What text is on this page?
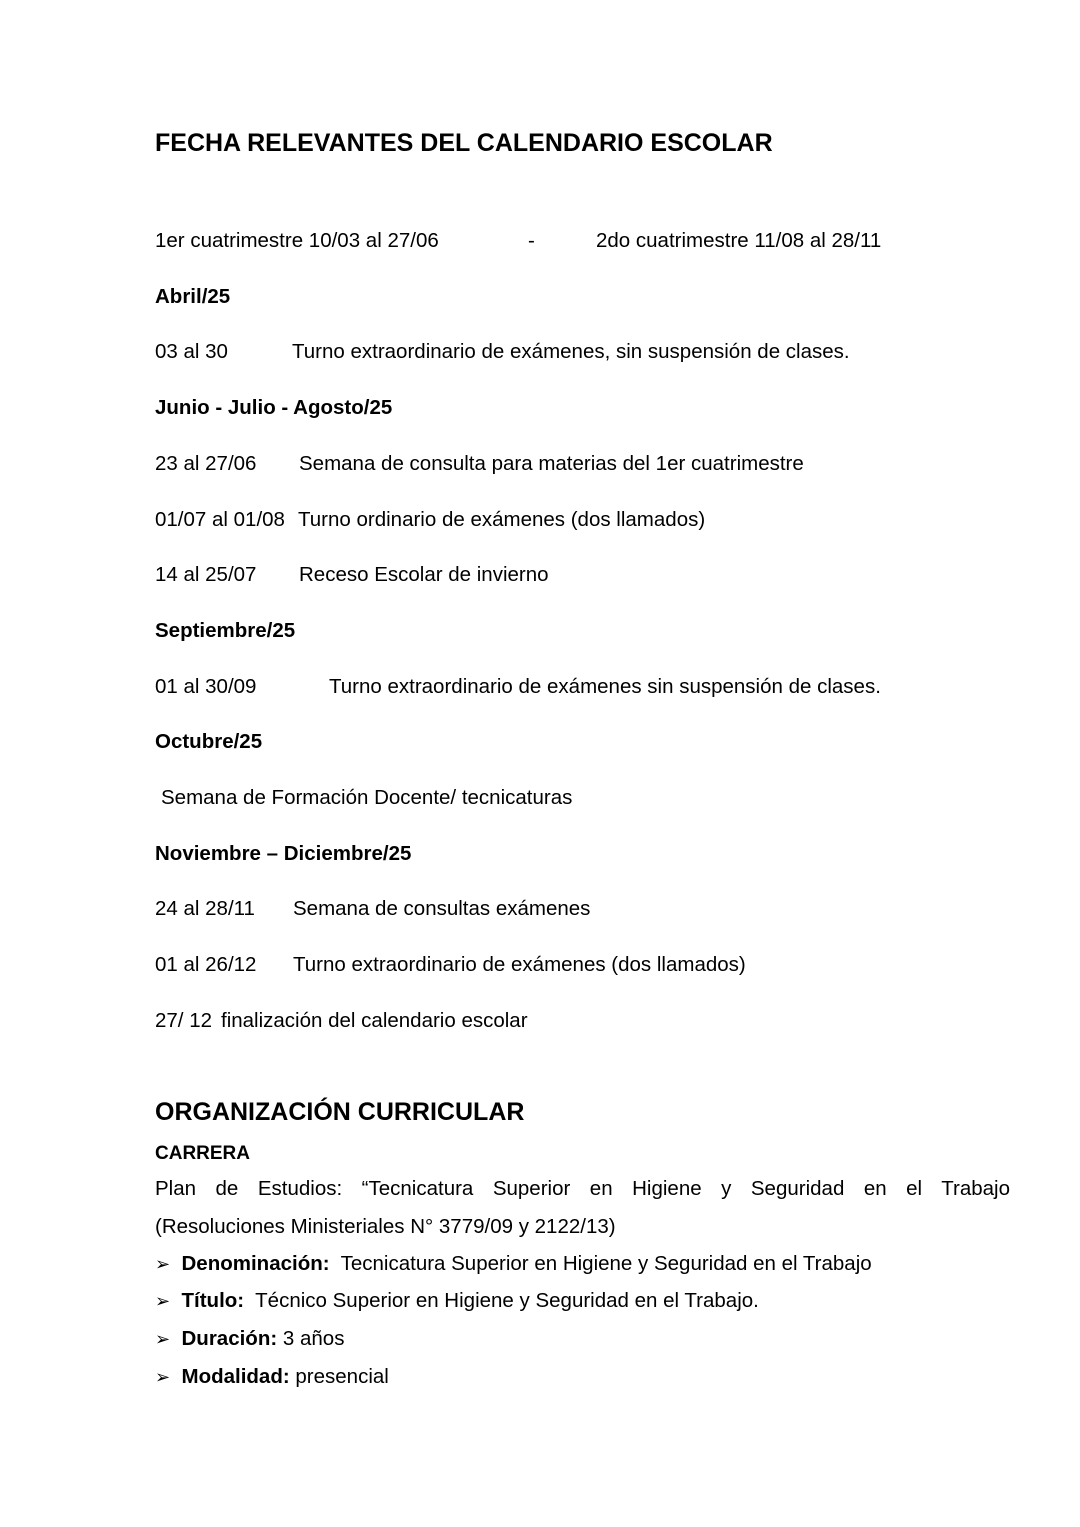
FECHA RELEVANTES DEL CALENDARIO ESCOLAR
1er cuatrimestre 10/03 al 27/06	-	2do cuatrimestre 11/08 al 28/11
Abril/25
03 al 30	Turno extraordinario de exámenes, sin suspensión de clases.
Junio - Julio - Agosto/25
23 al 27/06 Semana de consulta para materias del 1er cuatrimestre
01/07 al 01/08 Turno ordinario de exámenes (dos llamados)
14 al 25/07 Receso Escolar de invierno
Septiembre/25
01 al 30/09	Turno extraordinario de exámenes sin suspensión de clases.
Octubre/25
Semana de Formación Docente/ tecnicaturas
Noviembre – Diciembre/25
24 al 28/11 Semana de consultas exámenes
01 al 26/12 Turno extraordinario de exámenes (dos llamados)
27/ 12 finalización del calendario escolar
ORGANIZACIÓN CURRICULAR
CARRERA
Plan de Estudios: “Tecnicatura Superior en Higiene y Seguridad en el Trabajo
(Resoluciones Ministeriales N° 3779/09 y 2122/13)
➢ Denominación: Tecnicatura Superior en Higiene y Seguridad en el Trabajo
➢ Título: Técnico Superior en Higiene y Seguridad en el Trabajo.
➢ Duración: 3 años
➢ Modalidad: presencial
